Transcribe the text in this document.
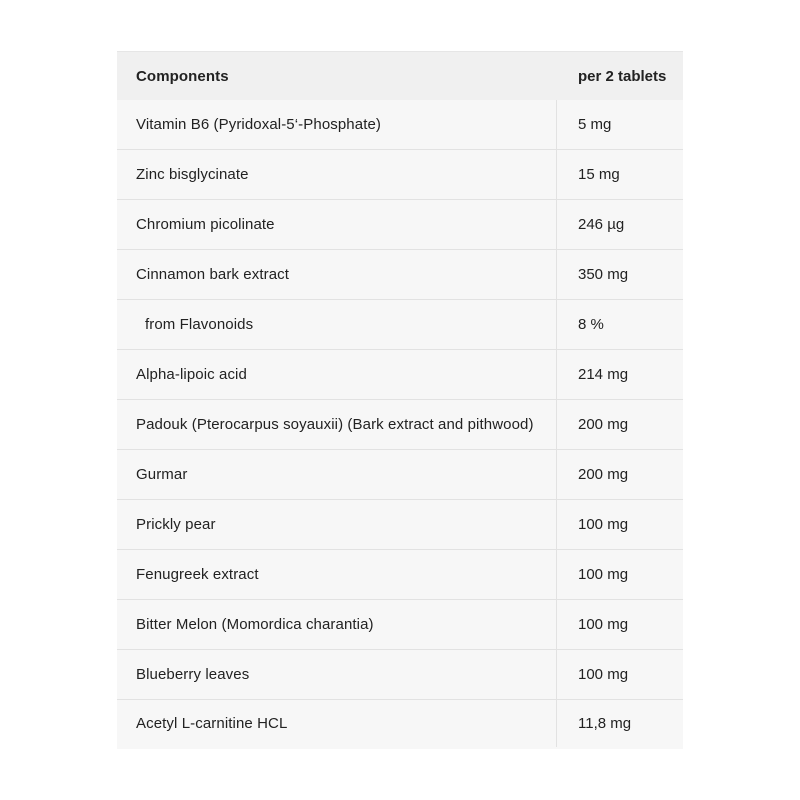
Components	per 2 tablets
Vitamin B6 (Pyridoxal-5‘-Phosphate)	5 mg
Zinc bisglycinate	15 mg
Chromium picolinate	246 µg
Cinnamon bark extract	350 mg
from Flavonoids	8 %
Alpha-lipoic acid	214 mg
Padouk (Pterocarpus soyauxii) (Bark extract and pithwood)	200 mg
Gurmar	200 mg
Prickly pear	100 mg
Fenugreek extract	100 mg
Bitter Melon (Momordica charantia)	100 mg
Blueberry leaves	100 mg
Acetyl L-carnitine HCL	11,8 mg
